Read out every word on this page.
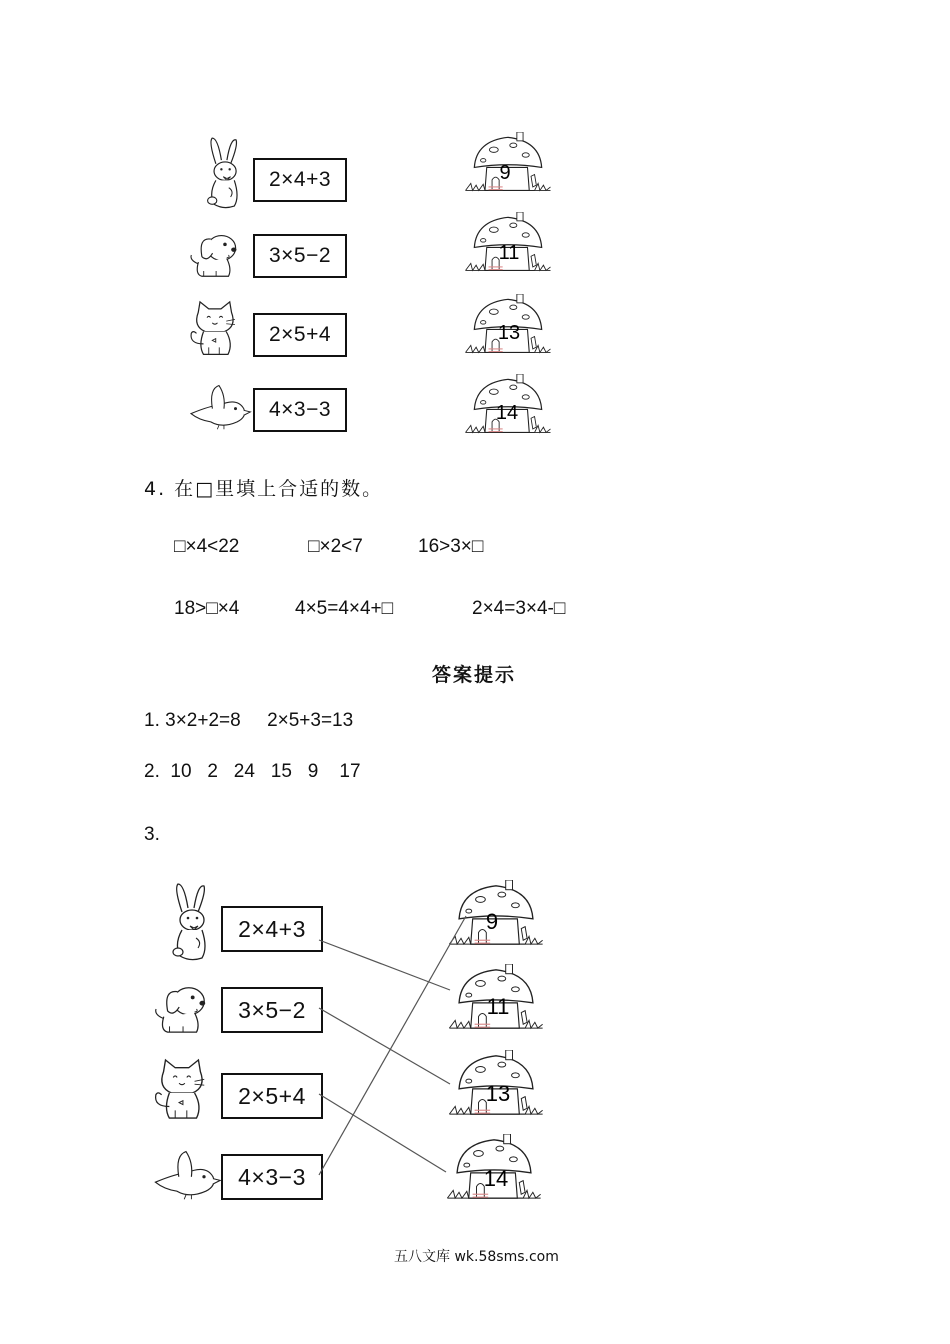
2×4+3
3×5−2
2×5+4
4×3−3
9
11
13
14
4. 在□里填上合适的数。
□×4<22	□×2<7	16>3×□
18>□×4	4×5=4×4+□	2×4=3×4-□
答案提示
1. 3×2+2=8     2×5+3=13
2.  10   2   24   15   9    17
3.
2×4+3
3×5−2
2×5+4
4×3−3
9
11
13
14
五八文库 wk.58sms.com
